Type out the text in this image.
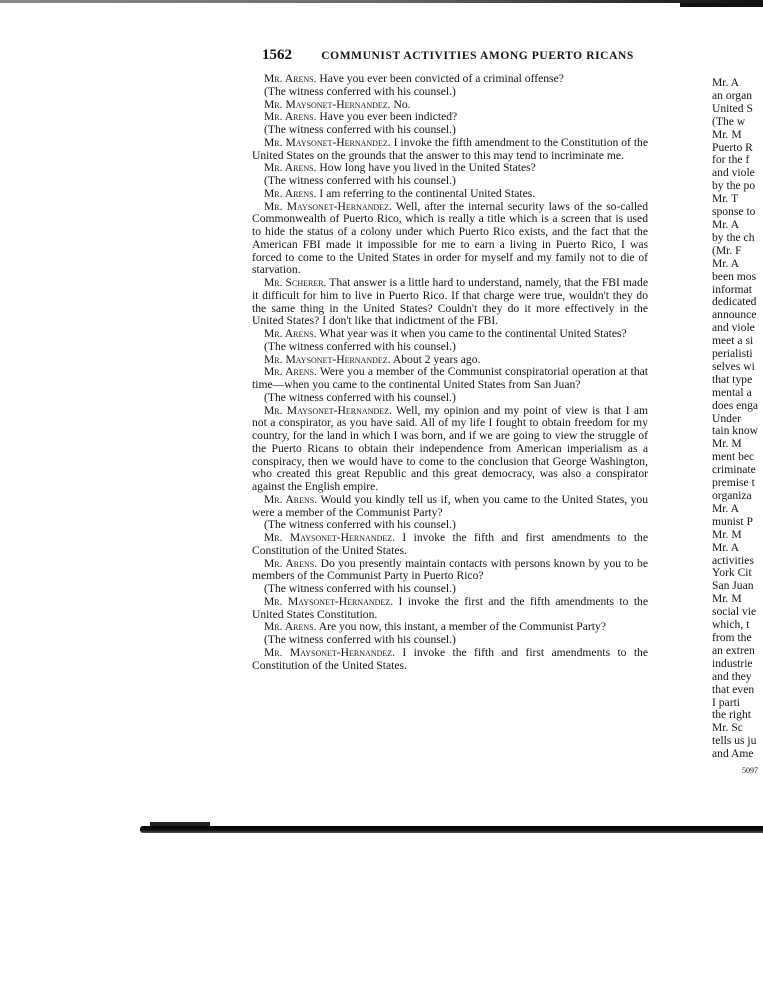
1562	COMMUNIST ACTIVITIES AMONG PUERTO RICANS

Mr. Arens. Have you ever been convicted of a criminal offense?

(The witness conferred with his counsel.)

Mr. Maysonet-Hernandez. No.

Mr. Arens. Have you ever been indicted?

(The witness conferred with his counsel.)

Mr. Maysonet-Hernandez. I invoke the fifth amendment to the Constitution of the United States on the grounds that the answer to this may tend to incriminate me.

Mr. Arens. How long have you lived in the United States?

(The witness conferred with his counsel.)

Mr. Arens. I am referring to the continental United States.

Mr. Maysonet-Hernandez. Well, after the internal security laws of the so-called Commonwealth of Puerto Rico, which is really a title which is a screen that is used to hide the status of a colony under which Puerto Rico exists, and the fact that the American FBI made it impossible for me to earn a living in Puerto Rico, I was forced to come to the United States in order for myself and my family not to die of starvation.

Mr. Scherer. That answer is a little hard to understand, namely, that the FBI made it difficult for him to live in Puerto Rico. If that charge were true, wouldn't they do the same thing in the United States? Couldn't they do it more effectively in the United States? I don't like that indictment of the FBI.

Mr. Arens. What year was it when you came to the continental United States?

(The witness conferred with his counsel.)

Mr. Maysonet-Hernandez. About 2 years ago.

Mr. Arens. Were you a member of the Communist conspiratorial operation at that time—when you came to the continental United States from San Juan?

(The witness conferred with his counsel.)

Mr. Maysonet-Hernandez. Well, my opinion and my point of view is that I am not a conspirator, as you have said. All of my life I fought to obtain freedom for my country, for the land in which I was born, and if we are going to view the struggle of the Puerto Ricans to obtain their independence from American imperialism as a conspiracy, then we would have to come to the conclusion that George Washington, who created this great Republic and this great democracy, was also a conspirator against the English empire.

Mr. Arens. Would you kindly tell us if, when you came to the United States, you were a member of the Communist Party?

(The witness conferred with his counsel.)

Mr. Maysonet-Hernandez. I invoke the fifth and first amendments to the Constitution of the United States.

Mr. Arens. Do you presently maintain contacts with persons known by you to be members of the Communist Party in Puerto Rico?

(The witness conferred with his counsel.)

Mr. Maysonet-Hernandez. I invoke the first and the fifth amendments to the United States Constitution.

Mr. Arens. Are you now, this instant, a member of the Communist Party?

(The witness conferred with his counsel.)

Mr. Maysonet-Hernandez. I invoke the fifth and first amendments to the Constitution of the United States.

Mr. A
an organ
United S
(The w
Mr. M
Puerto R
for the f
and viole
by the po
Mr. T
sponse to
Mr. A
by the ch
(Mr. F
Mr. A
been mos
informat
dedicated
announce
and viole
meet a si
perialisti
selves wi
that type
mental a
does enga
Under
tain know
Mr. M
ment bec
criminate
premise t
organiza
Mr. A
munist P
Mr. M
Mr. A
activities
York Cit
San Juan
Mr. M
social vie
which, t
from the
an extren
industrie
and they
that even
I parti
the right
Mr. Sc
tells us ju
and Ame
5097
